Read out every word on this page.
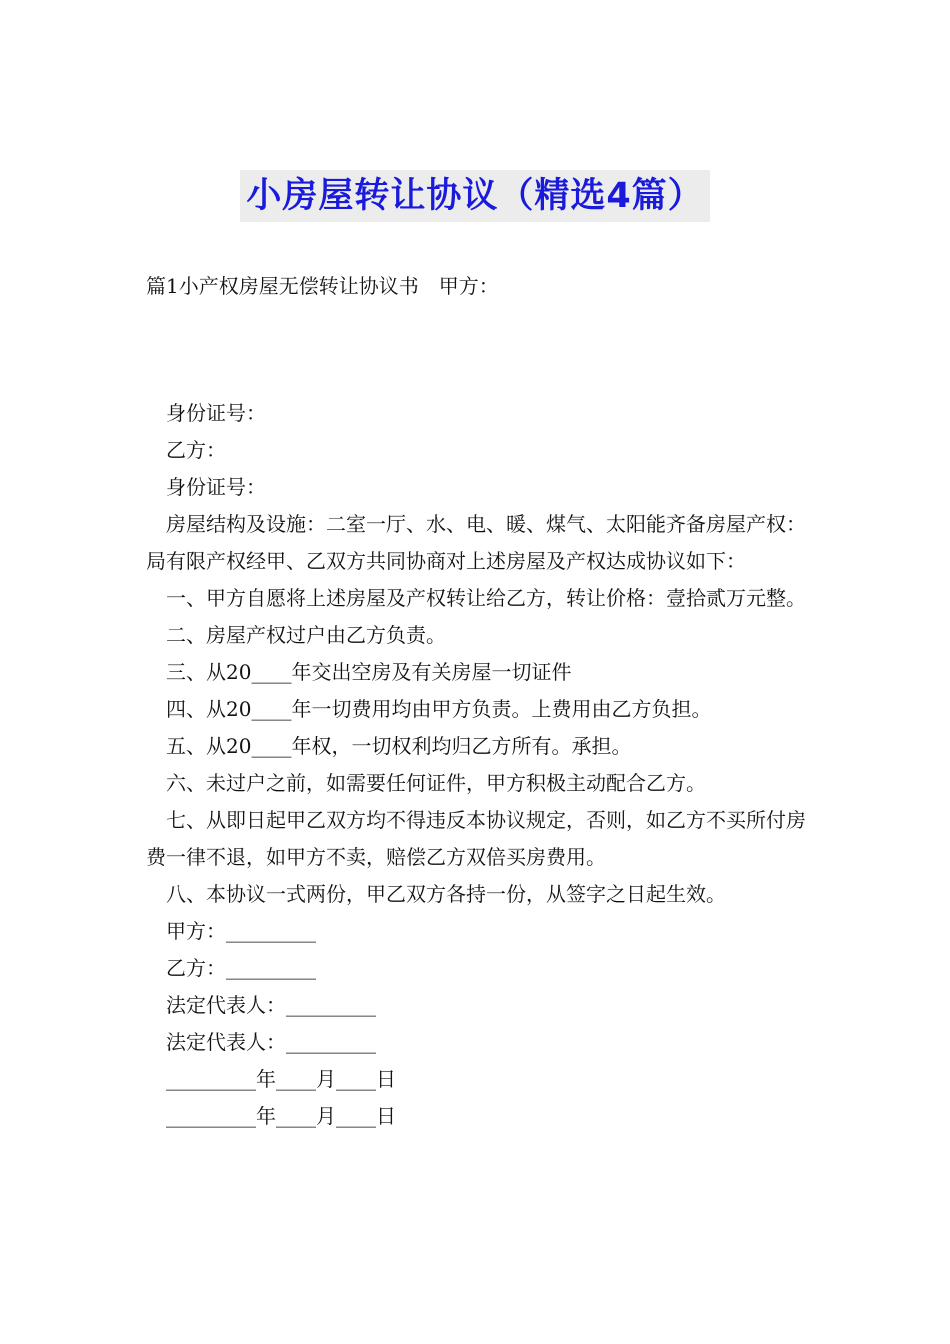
小房屋转让协议（精选4篇）

篇1小产权房屋无偿转让协议书　甲方：

身份证号：

乙方：

身份证号：

房屋结构及设施：二室一厅、水、电、暖、煤气、太阳能齐备房屋产权：局有限产权经甲、乙双方共同协商对上述房屋及产权达成协议如下：

一、甲方自愿将上述房屋及产权转让给乙方，转让价格：壹拾贰万元整。

二、房屋产权过户由乙方负责。

三、从20____年交出空房及有关房屋一切证件

四、从20____年一切费用均由甲方负责。上费用由乙方负担。

五、从20____年权，一切权利均归乙方所有。承担。

六、未过户之前，如需要任何证件，甲方积极主动配合乙方。

七、从即日起甲乙双方均不得违反本协议规定，否则，如乙方不买所付房费一律不退，如甲方不卖，赔偿乙方双倍买房费用。

八、本协议一式两份，甲乙双方各持一份，从签字之日起生效。

甲方：_________

乙方：_________

法定代表人：_________

法定代表人：_________

_________年____月____日

_________年____月____日
